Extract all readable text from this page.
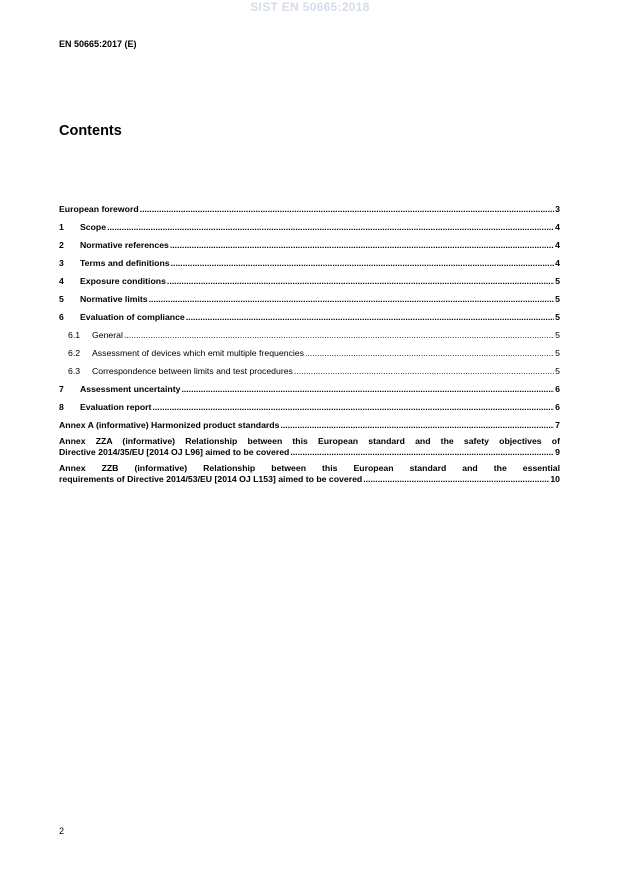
SIST EN 50665:2018
EN 50665:2017 (E)
Contents
European foreword .....	3
1	Scope .....	4
2	Normative references .....	4
3	Terms and definitions .....	4
4	Exposure conditions .....	5
5	Normative limits .....	5
6	Evaluation of compliance .....	5
6.1	General .....	5
6.2	Assessment of devices which emit multiple frequencies .....	5
6.3	Correspondence between limits and test procedures .....	5
7	Assessment uncertainty .....	6
8	Evaluation report .....	6
Annex A (informative) Harmonized product standards .....	7
Annex ZZA (informative) Relationship between this European standard and the safety objectives of
Directive 2014/35/EU [2014 OJ L96] aimed to be covered .....	9
Annex ZZB (informative) Relationship between this European standard and the essential
requirements of Directive 2014/53/EU [2014 OJ L153] aimed to be covered .....	10
2
